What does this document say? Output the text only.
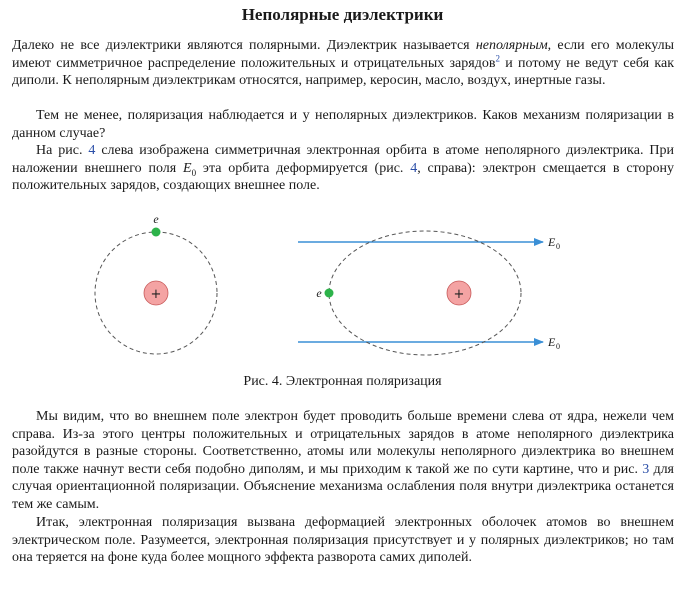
Неполярные диэлектрики

Далеко не все диэлектрики являются полярными. Диэлектрик называется неполярным, если его молекулы имеют симметричное распределение положительных и отрицательных зарядов$^2$ и потому не ведут себя как диполи. К неполярным диэлектрикам относятся, например, керосин, масло, воздух, инертные газы.

Тем не менее, поляризация наблюдается и у неполярных диэлектриков. Каков механизм поляризации в данном случае?

На рис. 4 слева изображена симметричная электронная орбита в атоме неполярного диэлектрика. При наложении внешнего поля $E_0$ эта орбита деформируется (рис. 4, справа): электрон смещается в сторону положительных зарядов, создающих внешнее поле.

+
e
E 0
E 0
+
e
Рис. 4. Электронная поляризация

Мы видим, что во внешнем поле электрон будет проводить больше времени слева от ядра, нежели чем справа. Из-за этого центры положительных и отрицательных зарядов в атоме неполярного диэлектрика разойдутся в разные стороны. Соответственно, атомы или молекулы неполярного диэлектрика во внешнем поле также начнут вести себя подобно диполям, и мы приходим к такой же по сути картине, что и рис. 3 для случая ориентационной поляризации. Объяснение механизма ослабления поля внутри диэлектрика останется тем же самым.

Итак, электронная поляризация вызвана деформацией электронных оболочек атомов во внешнем электрическом поле. Разумеется, электронная поляризация присутствует и у полярных диэлектриков; но там она теряется на фоне куда более мощного эффекта разворота самих диполей.
